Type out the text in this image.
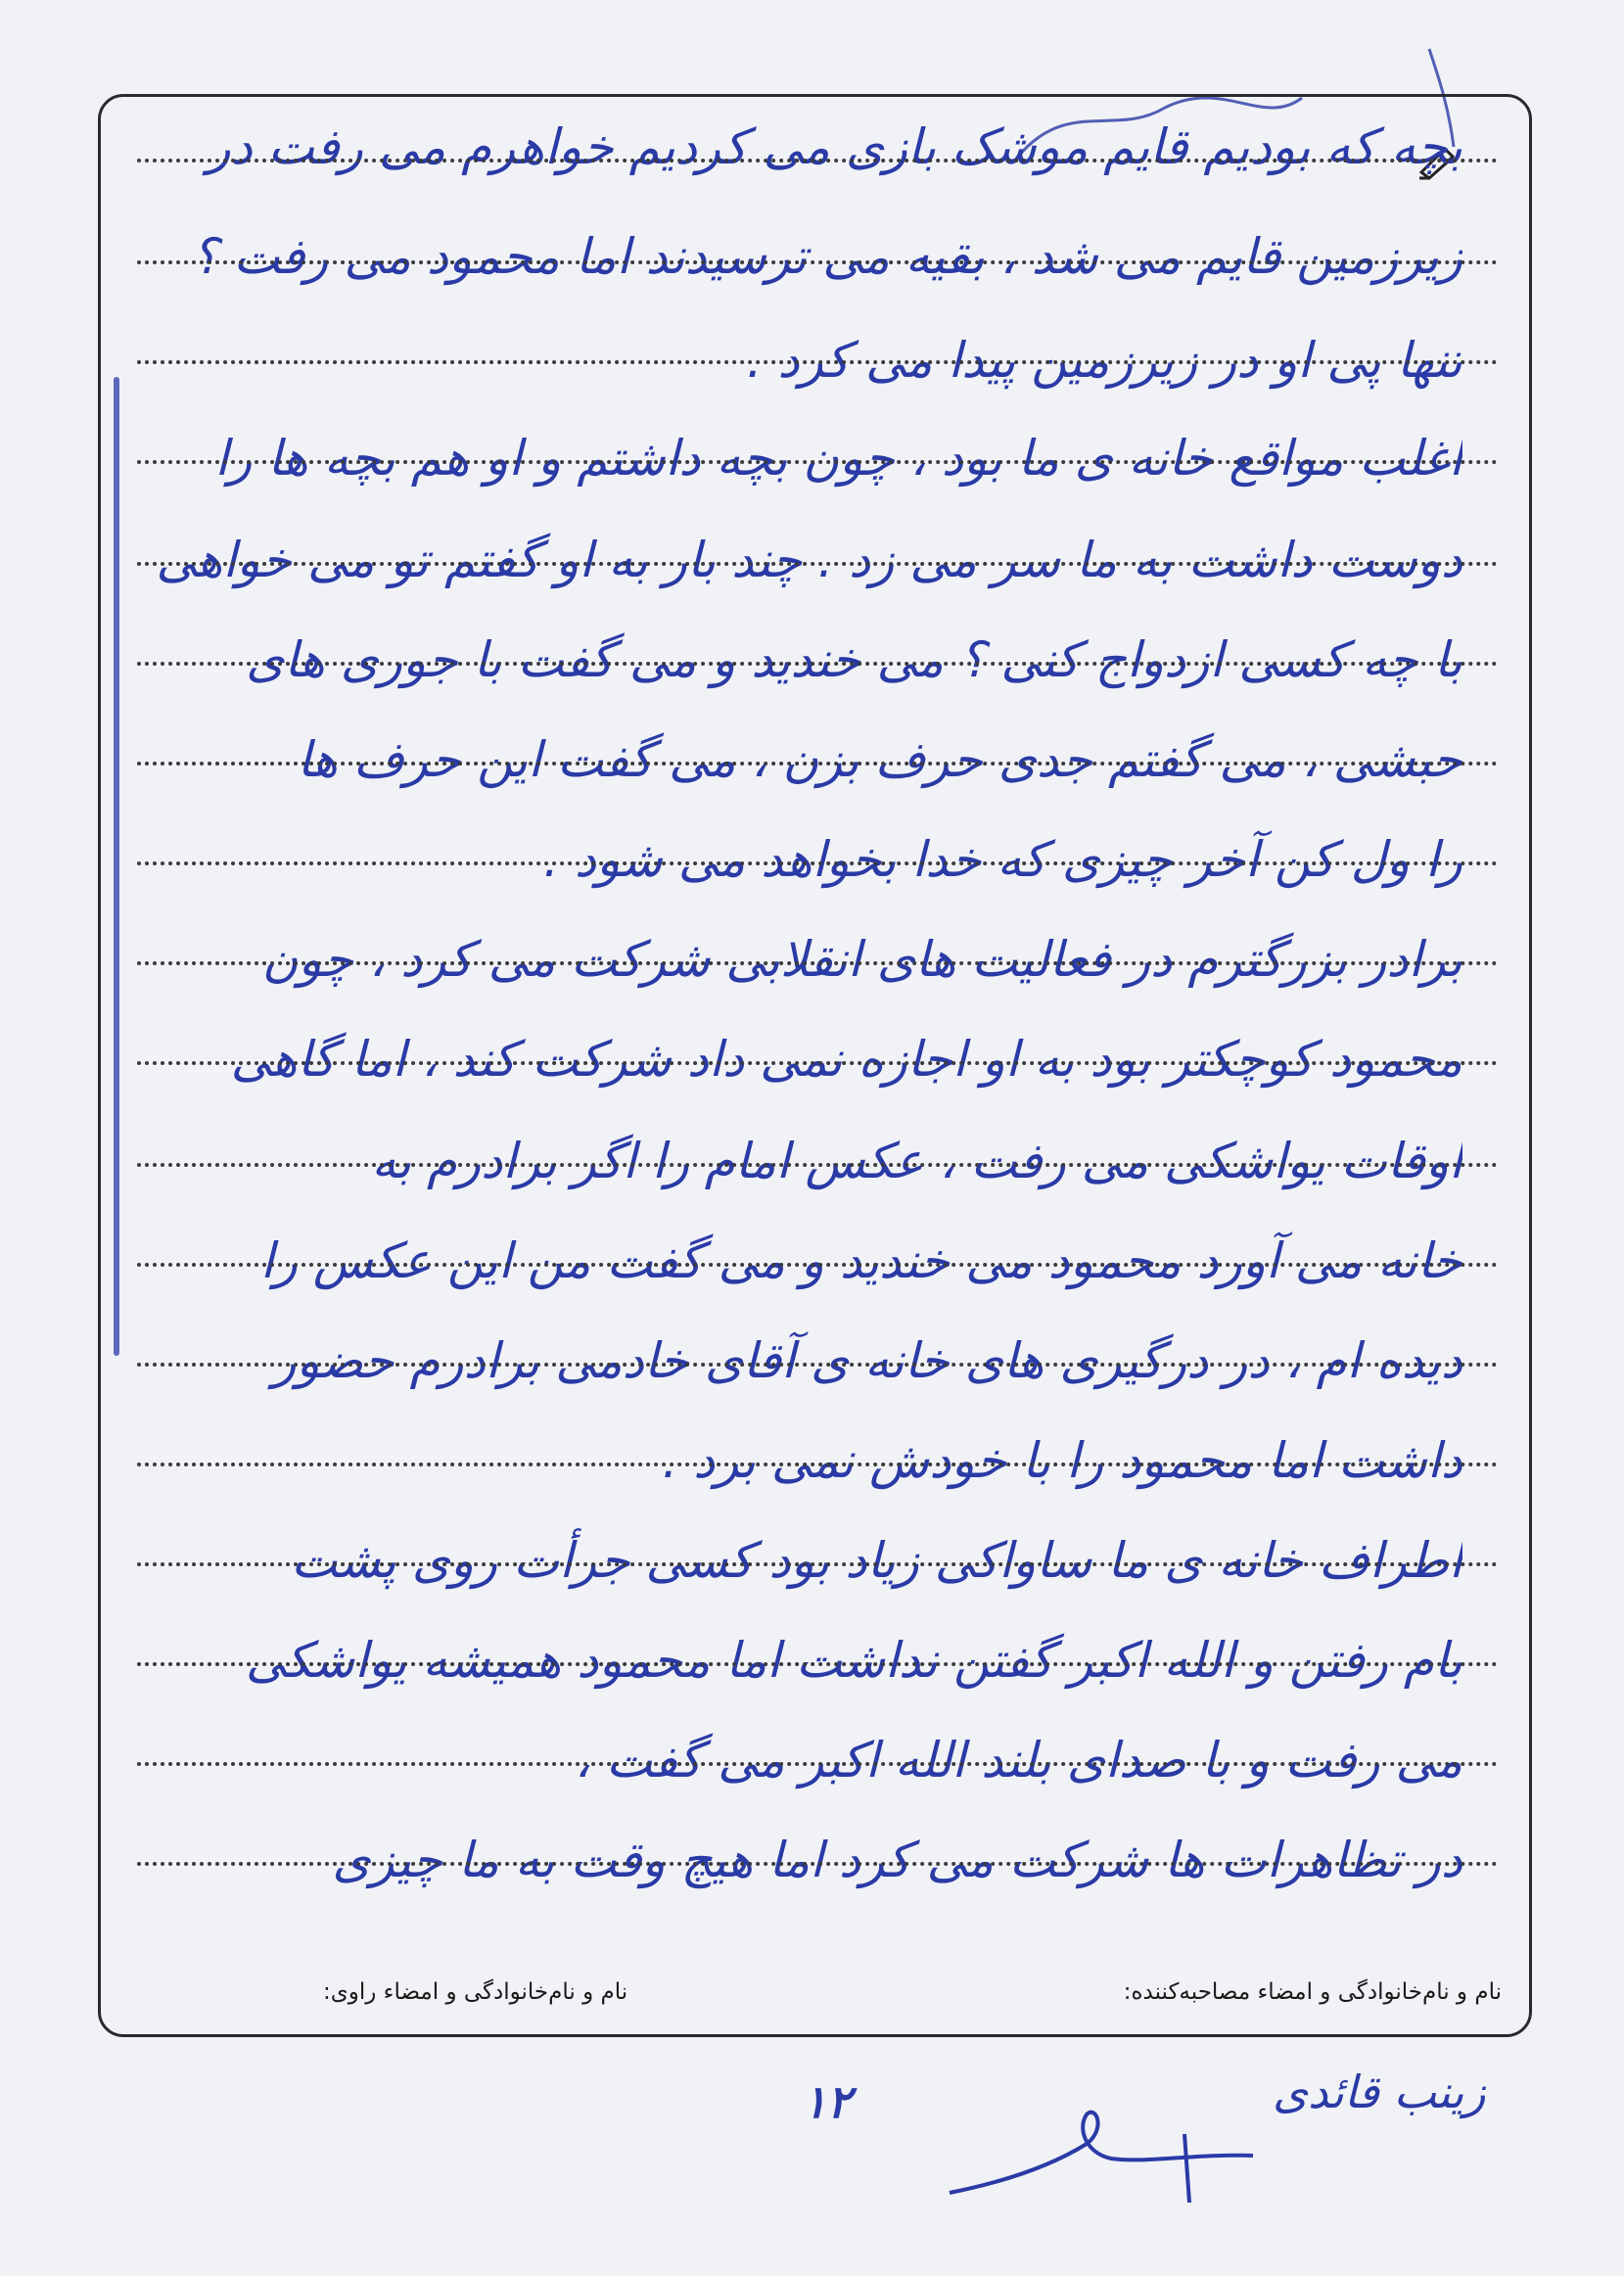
بچه که بودیم قایم موشک بازی می کردیم خواهرم می رفت در
زیرزمین قایم می شد ، بقیه می ترسیدند اما محمود می رفت ؟
تنها پی او در زیرزمین پیدا می کرد .
اغلب مواقع خانه ی ما بود ، چون بچه داشتم و او هم بچه ها را
دوست داشت به ما سر می زد . چند بار به او گفتم تو می خواهی
با چه کسی ازدواج کنی ؟ می خندید و می گفت با جوری های
حبشی ، می گفتم جدی حرف بزن ، می گفت این حرف ها
را ول کن آخر چیزی که خدا بخواهد می شود .
برادر بزرگترم در فعالیت های انقلابی شرکت می کرد ، چون
محمود کوچکتر بود به او اجازه نمی داد شرکت کند ، اما گاهی
اوقات یواشکی می رفت ، عکس امام را اگر برادرم به
خانه می آورد محمود می خندید و می گفت من این عکس را
دیده ام ، در درگیری های خانه ی آقای خادمی برادرم حضور
داشت اما محمود را با خودش نمی برد .
اطراف خانه ی ما ساواکی زیاد بود کسی جرأت روی پشت
بام رفتن و الله اکبر گفتن نداشت اما محمود همیشه یواشکی
می رفت و با صدای بلند الله اکبر می گفت ،
در تظاهرات ها شرکت می کرد اما هیچ وقت به ما چیزی
نام و نام‌خانوادگی و امضاء مصاحبه‌کننده:
نام و نام‌خانوادگی و امضاء راوی:
۱۲	زینب قائدی
